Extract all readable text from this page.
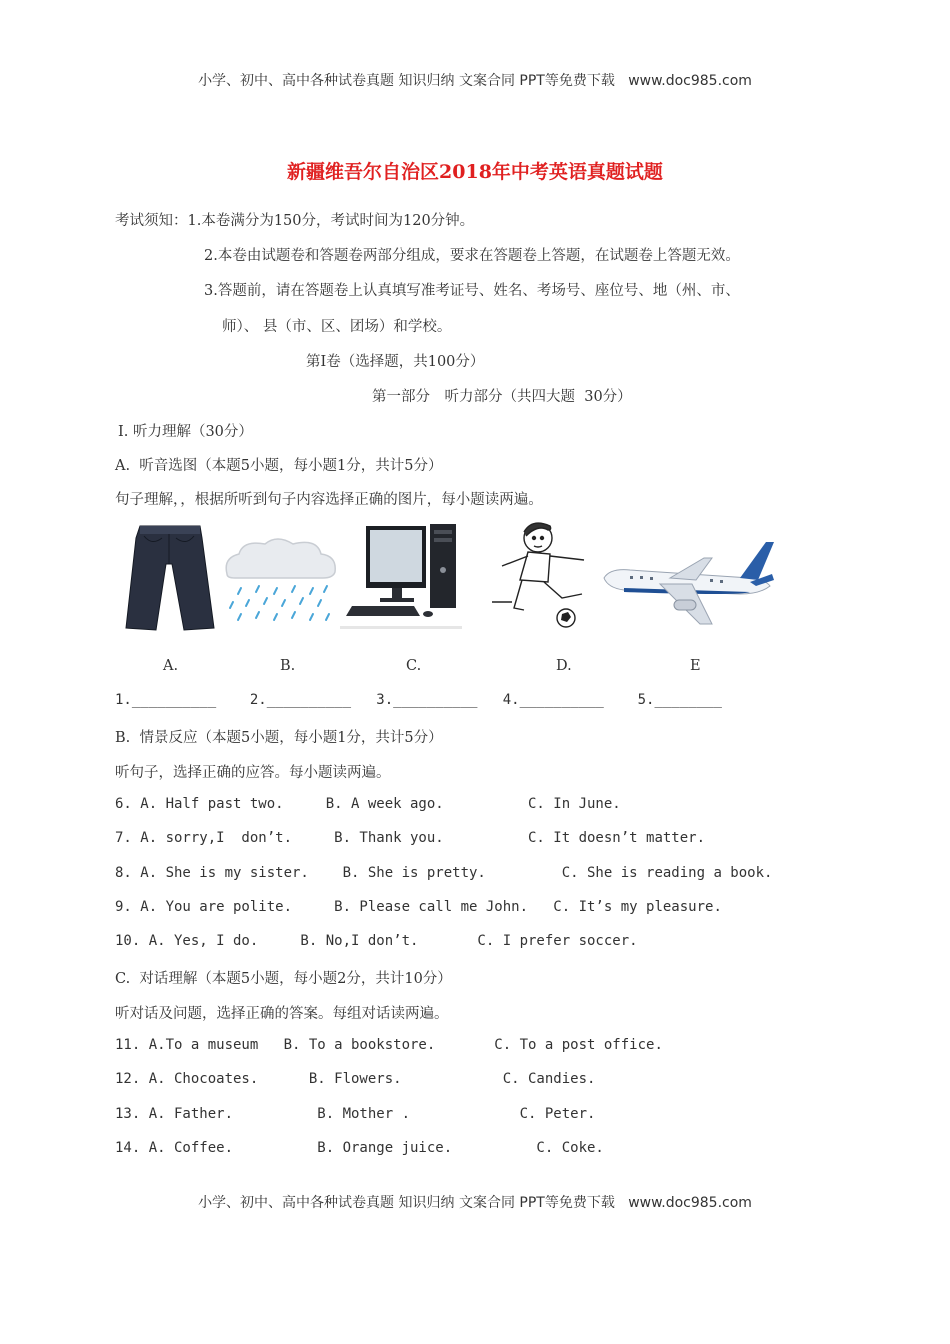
小学、初中、高中各种试卷真题 知识归纳 文案合同 PPT等免费下载   www.doc985.com
新疆维吾尔自治区2018年中考英语真题试题
考试须知：1.本卷满分为150分，考试时间为120分钟。
2.本卷由试题卷和答题卷两部分组成，要求在答题卷上答题，在试题卷上答题无效。
3.答题前，请在答题卷上认真填写准考证号、姓名、考场号、座位号、地（州、市、
师）、 县（市、区、团场）和学校。
第Ⅰ卷（选择题，共100分）
第一部分　听力部分（共四大题  30分）
Ⅰ. 听力理解（30分）
A.  听音选图（本题5小题，每小题1分，共计5分）
句子理解，，根据所听到句子内容选择正确的图片，每小题读两遍。
A.	B.	C.	D.	E
1.__________    2.__________   3.__________   4.__________    5.________
B.  情景反应（本题5小题，每小题1分，共计5分）
听句子，选择正确的应答。每小题读两遍。
6. A. Half past two.     B. A week ago.          C. In June.
7. A. sorry,I  don’t.     B. Thank you.          C. It doesn’t matter.
8. A. She is my sister.    B. She is pretty.         C. She is reading a book.
9. A. You are polite.     B. Please call me John.   C. It’s my pleasure.
10. A. Yes, I do.     B. No,I don’t.       C. I prefer soccer.
C.  对话理解（本题5小题，每小题2分，共计10分）
听对话及问题，选择正确的答案。每组对话读两遍。
11. A.To a museum   B. To a bookstore.       C. To a post office.
12. A. Chocoates.      B. Flowers.            C. Candies.
13. A. Father.          B. Mother .             C. Peter.
14. A. Coffee.          B. Orange juice.          C. Coke.
小学、初中、高中各种试卷真题 知识归纳 文案合同 PPT等免费下载   www.doc985.com
